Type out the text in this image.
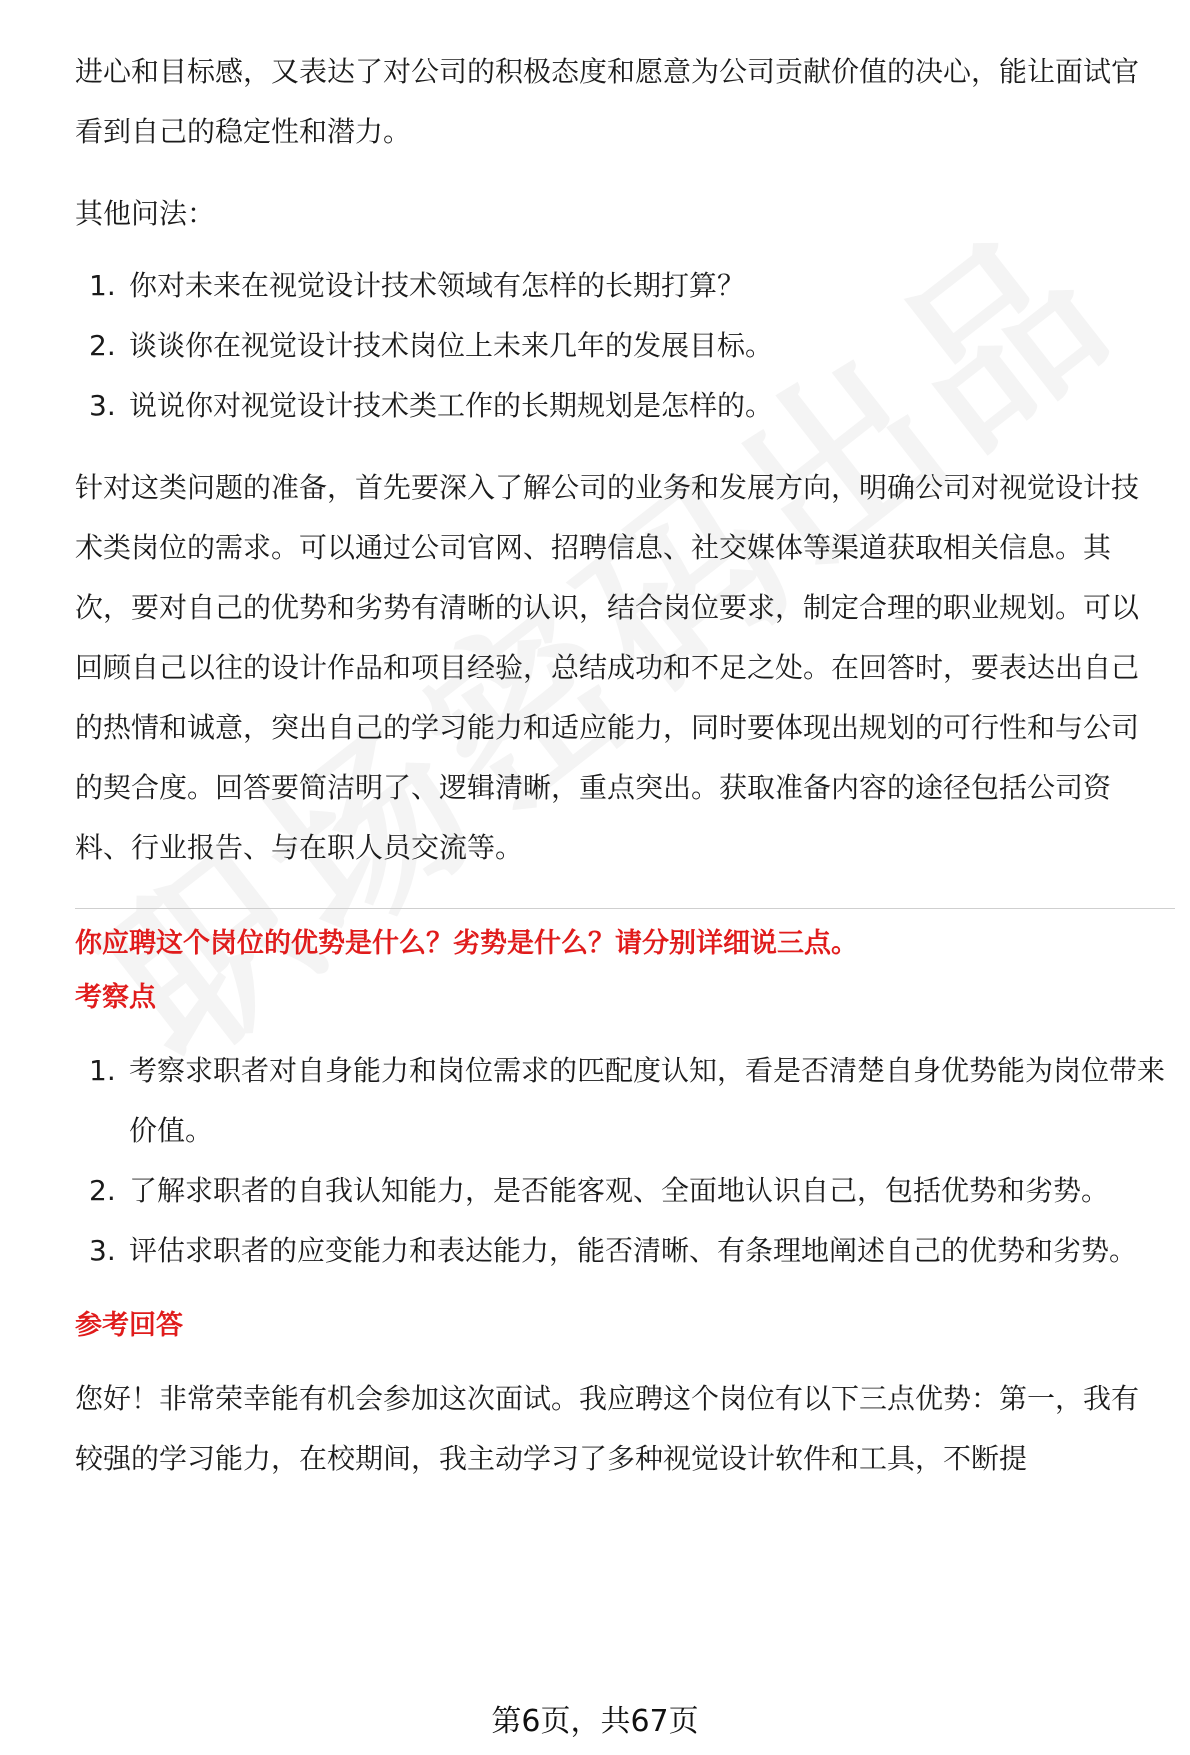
进心和目标感，又表达了对公司的积极态度和愿意为公司贡献价值的决心，能让面试官看到自己的稳定性和潜力。

其他问法：

1. 你对未来在视觉设计技术领域有怎样的长期打算？
2. 谈谈你在视觉设计技术岗位上未来几年的发展目标。
3. 说说你对视觉设计技术类工作的长期规划是怎样的。

针对这类问题的准备，首先要深入了解公司的业务和发展方向，明确公司对视觉设计技术类岗位的需求。可以通过公司官网、招聘信息、社交媒体等渠道获取相关信息。其次，要对自己的优势和劣势有清晰的认识，结合岗位要求，制定合理的职业规划。可以回顾自己以往的设计作品和项目经验，总结成功和不足之处。在回答时，要表达出自己的热情和诚意，突出自己的学习能力和适应能力，同时要体现出规划的可行性和与公司的契合度。回答要简洁明了、逻辑清晰，重点突出。获取准备内容的途径包括公司资料、行业报告、与在职人员交流等。

你应聘这个岗位的优势是什么？劣势是什么？请分别详细说三点。
考察点
1. 考察求职者对自身能力和岗位需求的匹配度认知，看是否清楚自身优势能为岗位带来价值。
2. 了解求职者的自我认知能力，是否能客观、全面地认识自己，包括优势和劣势。
3. 评估求职者的应变能力和表达能力，能否清晰、有条理地阐述自己的优势和劣势。
参考回答

您好！非常荣幸能有机会参加这次面试。我应聘这个岗位有以下三点优势：第一，我有较强的学习能力，在校期间，我主动学习了多种视觉设计软件和工具，不断提

第6页，共67页
